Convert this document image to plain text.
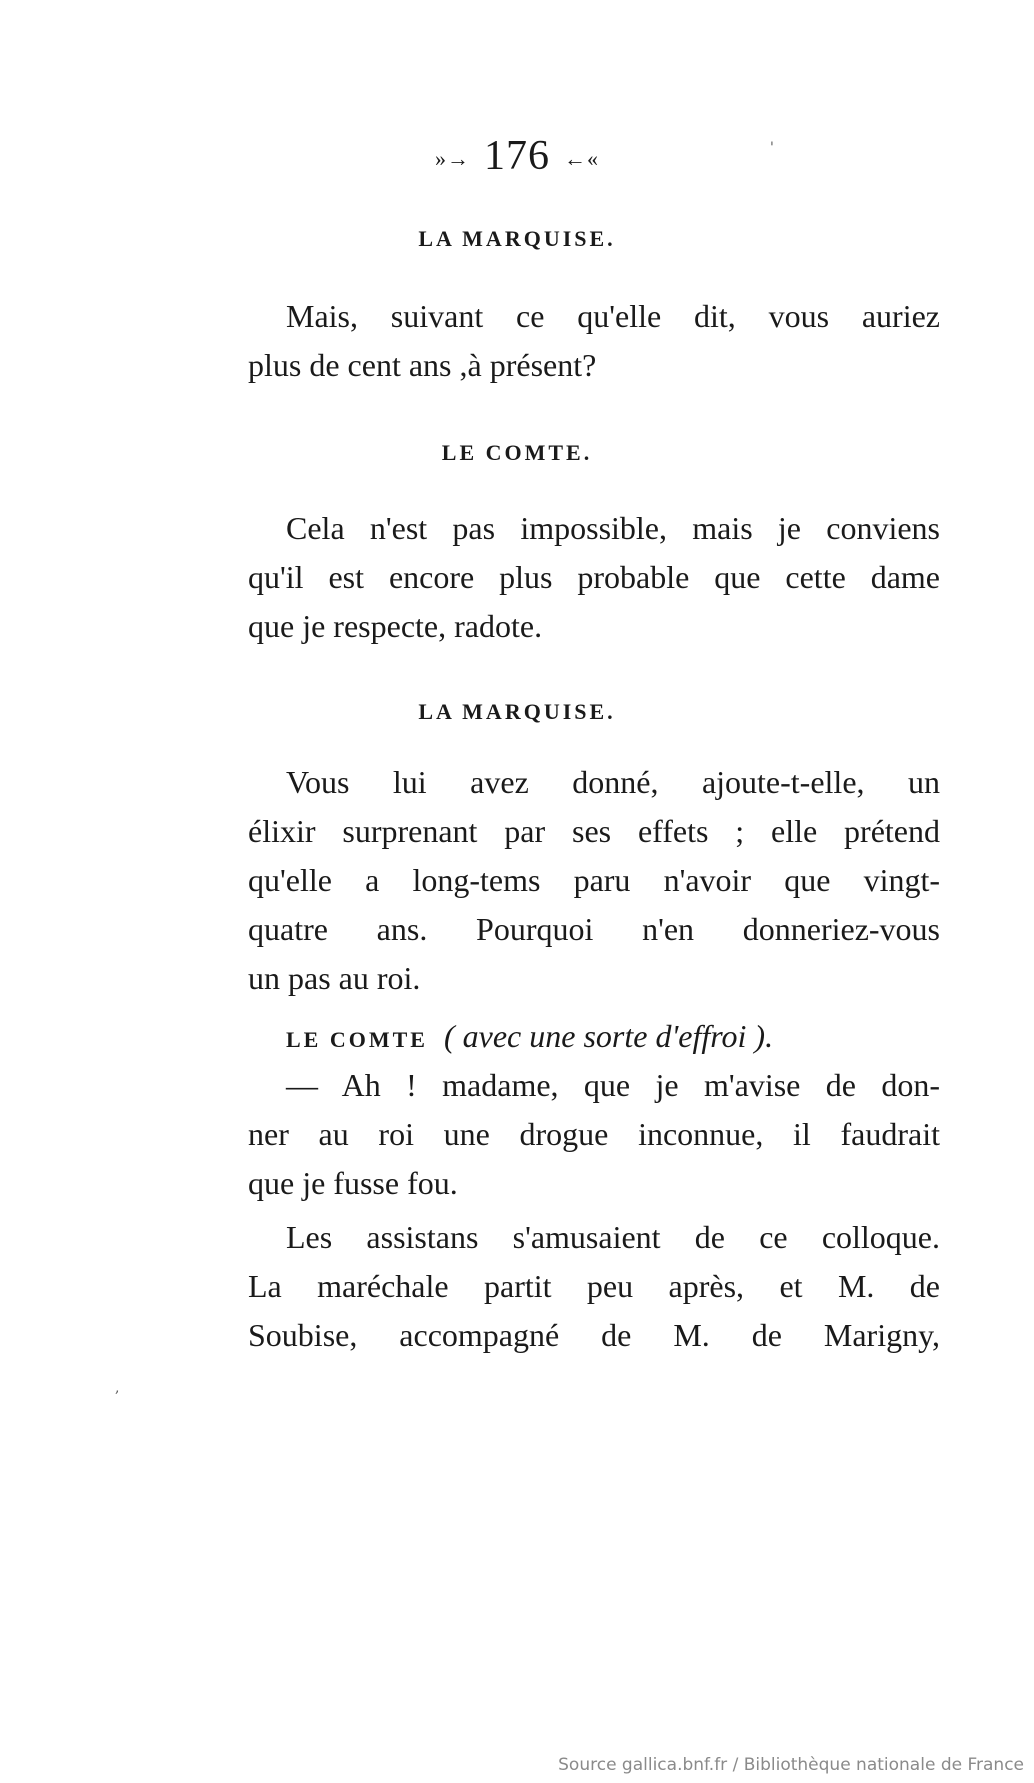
»→ 176 ←«
LA MARQUISE.
Mais, suivant ce qu'elle dit, vous auriez
plus de cent ans ,à présent?
LE COMTE.
Cela n'est pas impossible, mais je conviens
qu'il est encore plus probable que cette dame
que je respecte, radote.
LA MARQUISE.
Vous lui avez donné, ajoute-t-elle, un
élixir surprenant par ses effets ; elle prétend
qu'elle a long-tems paru n'avoir que vingt-
quatre ans. Pourquoi n'en donneriez-vous
un pas au roi.
LE COMTE ( avec une sorte d'effroi ).
— Ah ! madame, que je m'avise de don-
ner au roi une drogue inconnue, il faudrait
que je fusse fou.
Les assistans s'amusaient de ce colloque.
La maréchale partit peu après, et M. de
Soubise, accompagné de M. de Marigny,
'
,
Source gallica.bnf.fr / Bibliothèque nationale de France
